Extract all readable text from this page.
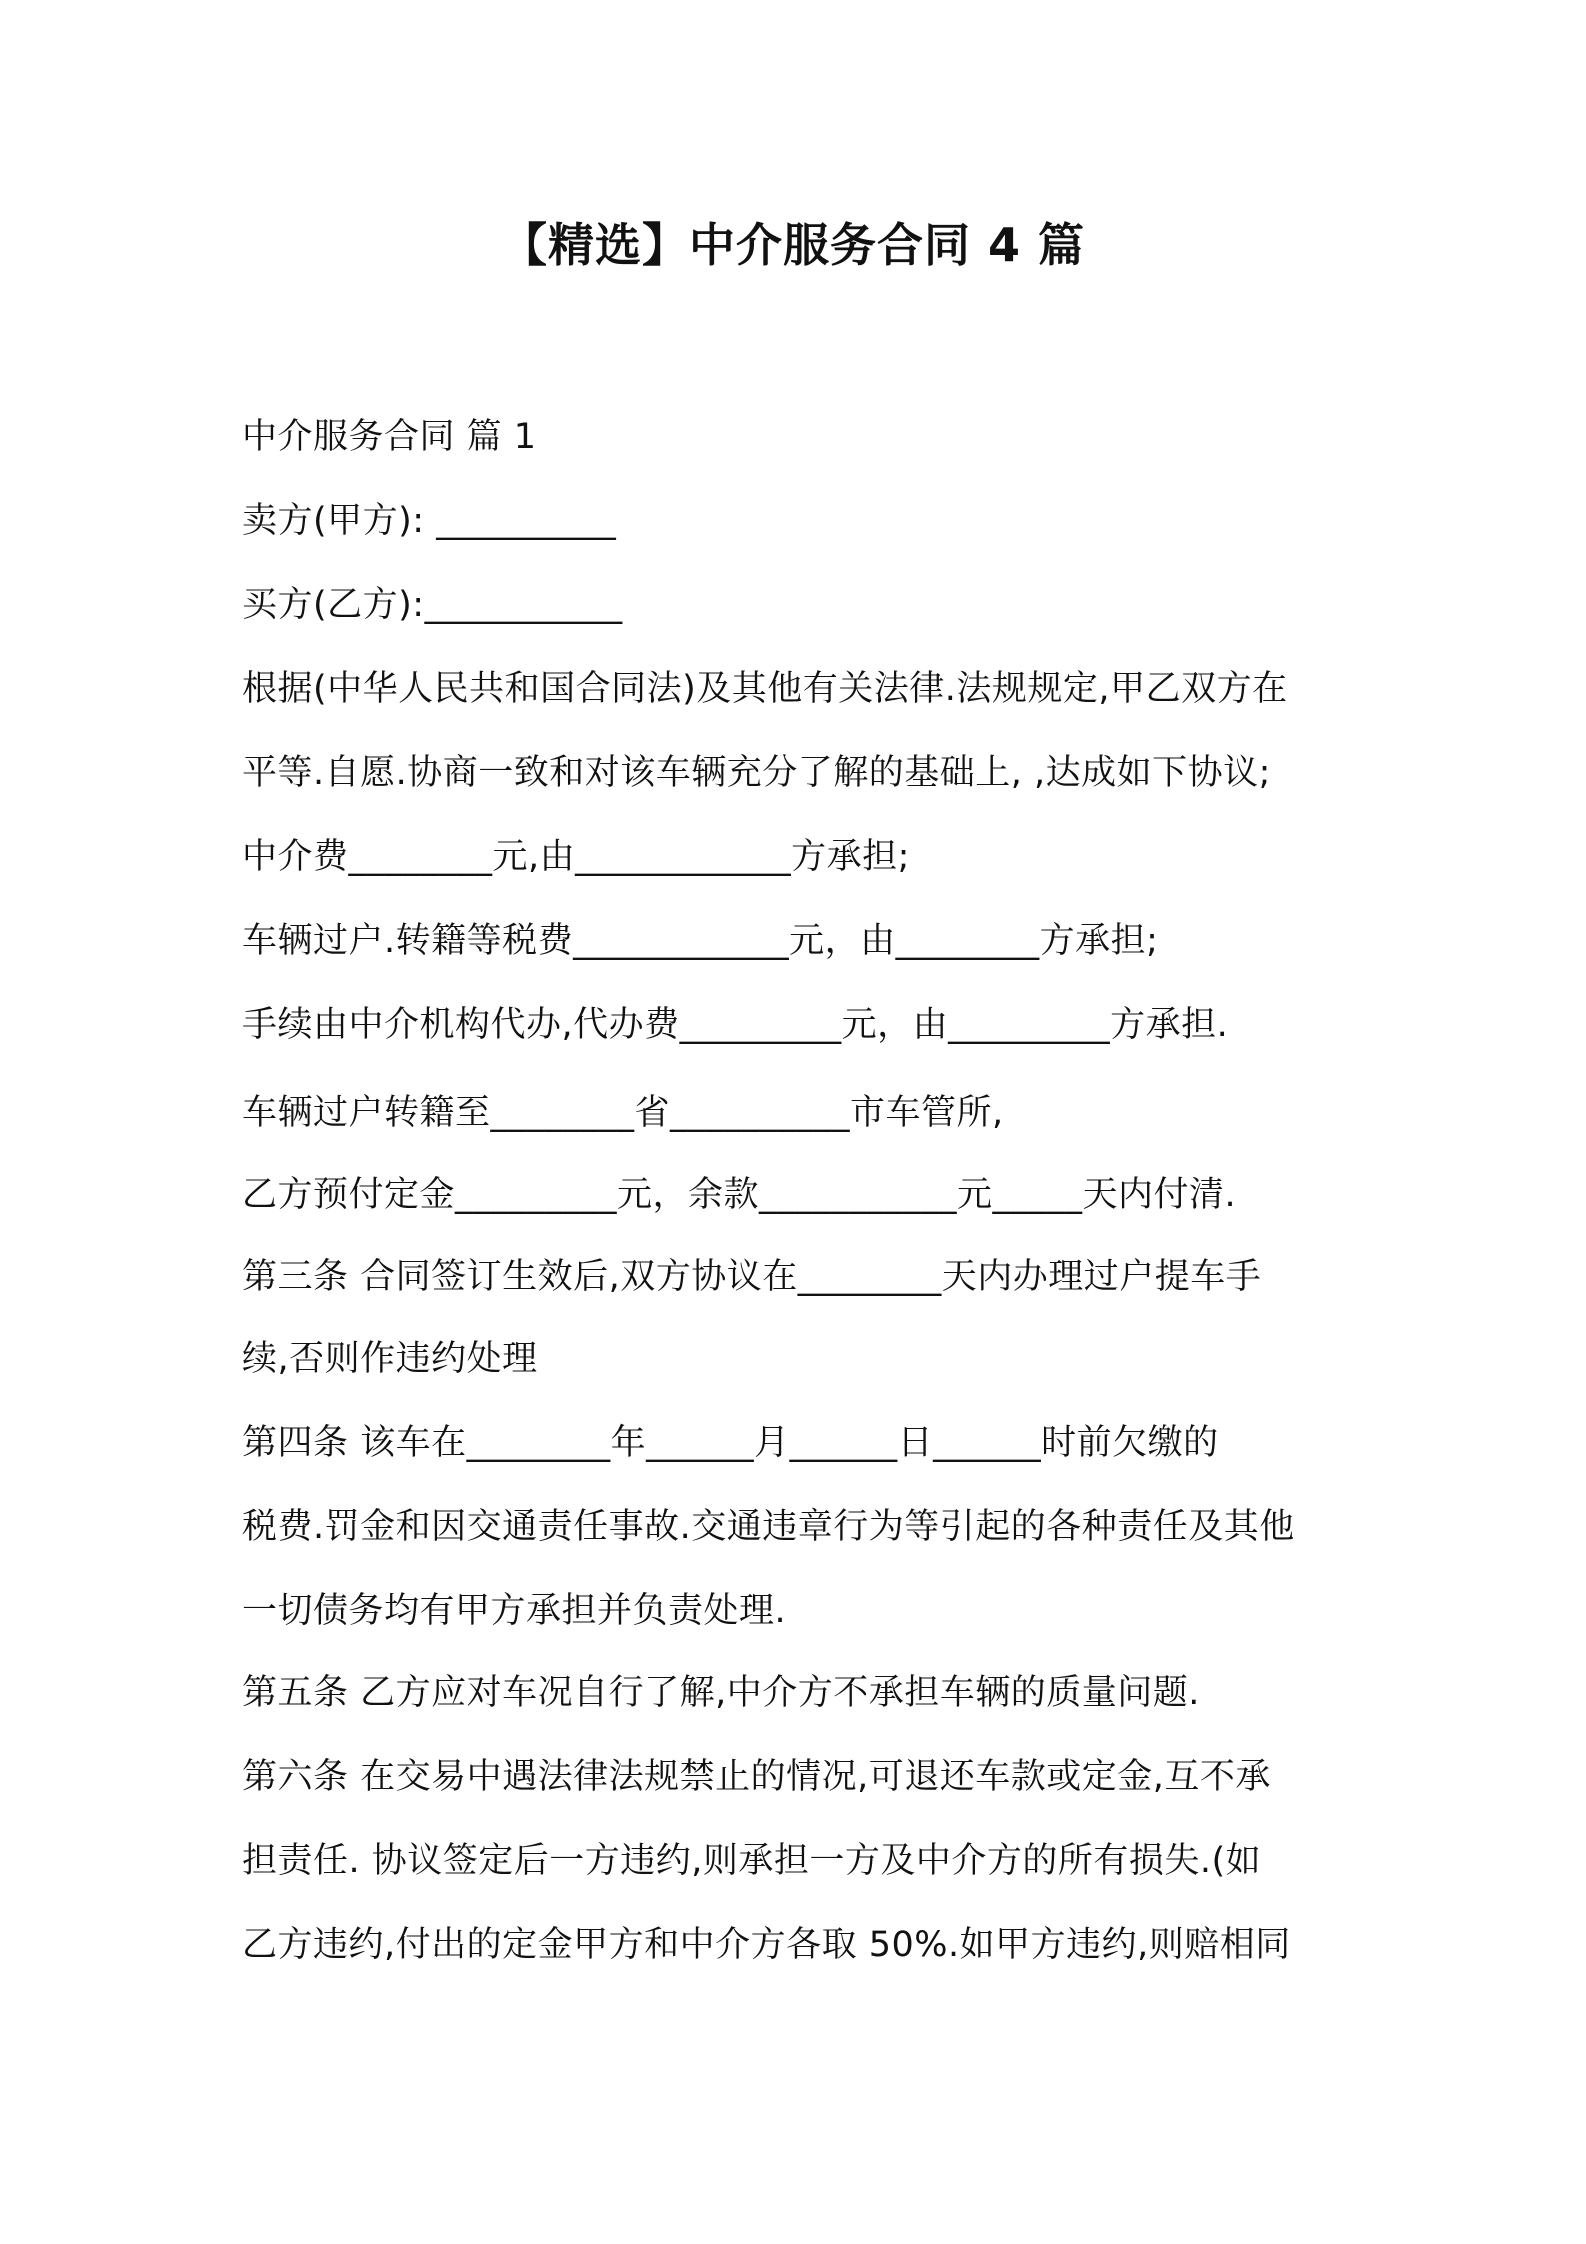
【精选】中介服务合同 4 篇
中介服务合同 篇 1
卖方(甲方): __________
买方(乙方):___________
根据(中华人民共和国合同法)及其他有关法律.法规规定,甲乙双方在
平等.自愿.协商一致和对该车辆充分了解的基础上, ,达成如下协议;
中介费________元,由____________方承担;
车辆过户.转籍等税费____________元，由________方承担;
手续由中介机构代办,代办费_________元，由_________方承担.
车辆过户转籍至________省__________市车管所,
乙方预付定金_________元，余款___________元_____天内付清.
第三条 合同签订生效后,双方协议在________天内办理过户提车手
续,否则作违约处理
第四条 该车在________年______月______日______时前欠缴的
税费.罚金和因交通责任事故.交通违章行为等引起的各种责任及其他
一切债务均有甲方承担并负责处理.
第五条 乙方应对车况自行了解,中介方不承担车辆的质量问题.
第六条 在交易中遇法律法规禁止的情况,可退还车款或定金,互不承
担责任. 协议签定后一方违约,则承担一方及中介方的所有损失.(如
乙方违约,付出的定金甲方和中介方各取 50%.如甲方违约,则赔相同
